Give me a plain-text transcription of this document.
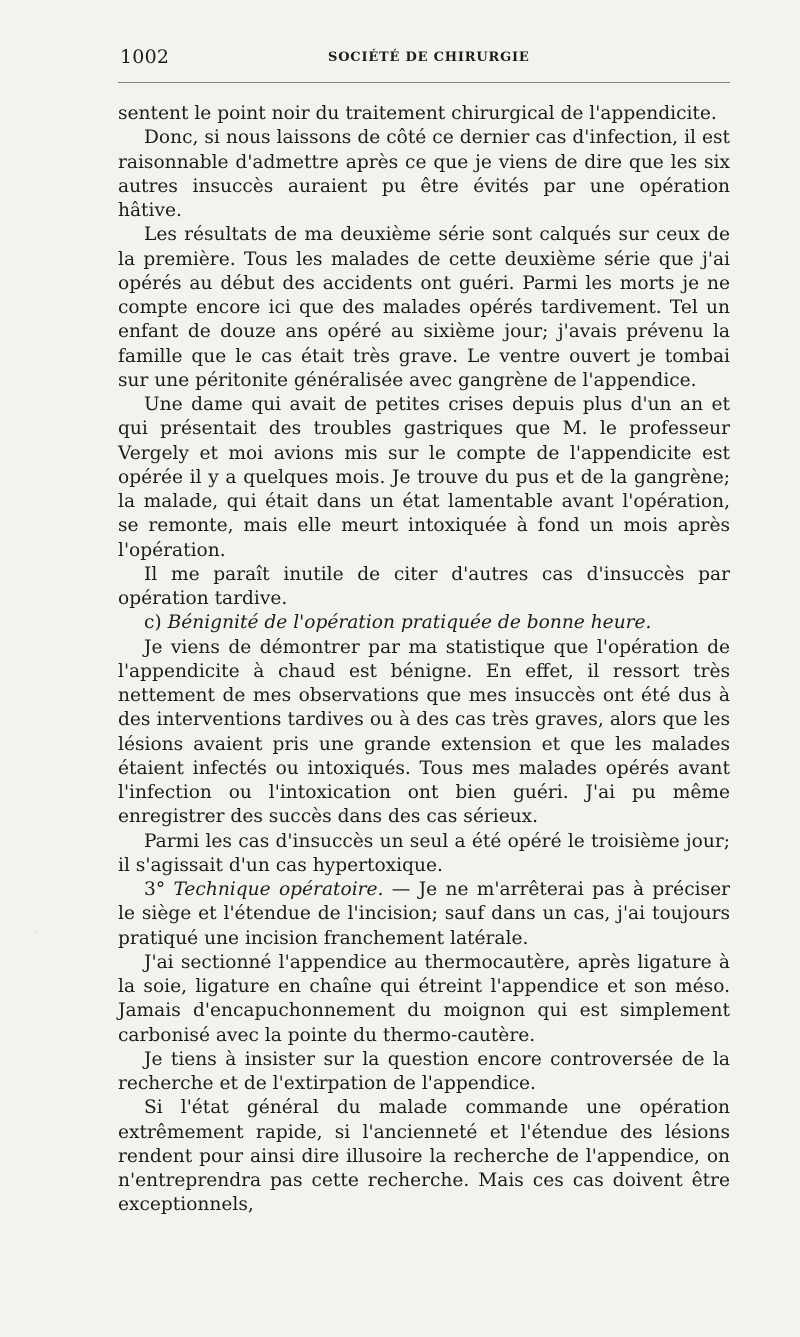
1002	SOCIÉTÉ DE CHIRURGIE

sentent le point noir du traitement chirurgical de l'appendicite.

Donc, si nous laissons de côté ce dernier cas d'infection, il est raisonnable d'admettre après ce que je viens de dire que les six autres insuccès auraient pu être évités par une opération hâtive.

Les résultats de ma deuxième série sont calqués sur ceux de la première. Tous les malades de cette deuxième série que j'ai opérés au début des accidents ont guéri. Parmi les morts je ne compte encore ici que des malades opérés tardivement. Tel un enfant de douze ans opéré au sixième jour; j'avais prévenu la famille que le cas était très grave. Le ventre ouvert je tombai sur une péritonite généralisée avec gangrène de l'appendice.

Une dame qui avait de petites crises depuis plus d'un an et qui présentait des troubles gastriques que M. le professeur Vergely et moi avions mis sur le compte de l'appendicite est opérée il y a quelques mois. Je trouve du pus et de la gangrène; la malade, qui était dans un état lamentable avant l'opération, se remonte, mais elle meurt intoxiquée à fond un mois après l'opération.

Il me paraît inutile de citer d'autres cas d'insuccès par opération tardive.

c) Bénignité de l'opération pratiquée de bonne heure.

Je viens de démontrer par ma statistique que l'opération de l'appendicite à chaud est bénigne. En effet, il ressort très nettement de mes observations que mes insuccès ont été dus à des interventions tardives ou à des cas très graves, alors que les lésions avaient pris une grande extension et que les malades étaient infectés ou intoxiqués. Tous mes malades opérés avant l'infection ou l'intoxication ont bien guéri. J'ai pu même enregistrer des succès dans des cas sérieux.

Parmi les cas d'insuccès un seul a été opéré le troisième jour; il s'agissait d'un cas hypertoxique.

3° Technique opératoire. — Je ne m'arrêterai pas à préciser le siège et l'étendue de l'incision; sauf dans un cas, j'ai toujours pratiqué une incision franchement latérale.

J'ai sectionné l'appendice au thermocautère, après ligature à la soie, ligature en chaîne qui étreint l'appendice et son méso. Jamais d'encapuchonnement du moignon qui est simplement carbonisé avec la pointe du thermo-cautère.

Je tiens à insister sur la question encore controversée de la recherche et de l'extirpation de l'appendice.

Si l'état général du malade commande une opération extrêmement rapide, si l'ancienneté et l'étendue des lésions rendent pour ainsi dire illusoire la recherche de l'appendice, on n'entreprendra pas cette recherche. Mais ces cas doivent être exceptionnels,
